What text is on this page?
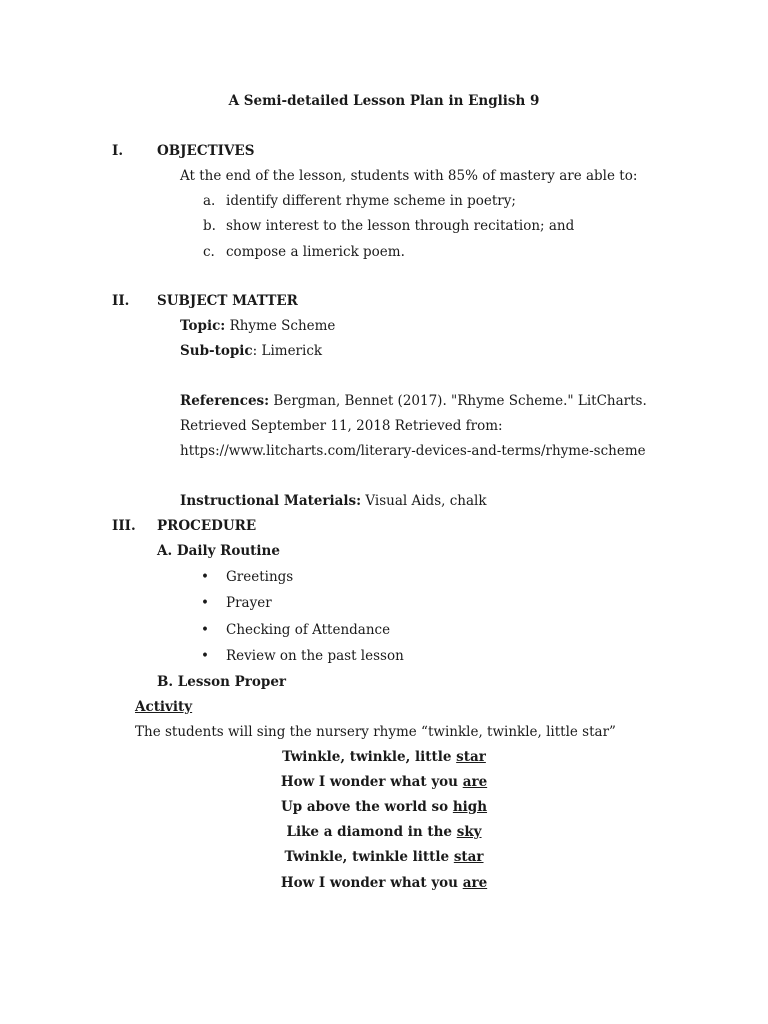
A Semi-detailed Lesson Plan in English 9
I.	OBJECTIVES
At the end of the lesson, students with 85% of mastery are able to:
a. identify different rhyme scheme in poetry;
b. show interest to the lesson through recitation; and
c. compose a limerick poem.
II. SUBJECT MATTER
Topic: Rhyme Scheme
Sub-topic: Limerick
References: Bergman, Bennet (2017). "Rhyme Scheme." LitCharts.
Retrieved September 11, 2018 Retrieved from:
https://www.litcharts.com/literary-devices-and-terms/rhyme-scheme
Instructional Materials: Visual Aids, chalk
III. PROCEDURE
A. Daily Routine
• Greetings
• Prayer
• Checking of Attendance
• Review on the past lesson
B. Lesson Proper
Activity
The students will sing the nursery rhyme “twinkle, twinkle, little star”
Twinkle, twinkle, little star
How I wonder what you are
Up above the world so high
Like a diamond in the sky
Twinkle, twinkle little star
How I wonder what you are
